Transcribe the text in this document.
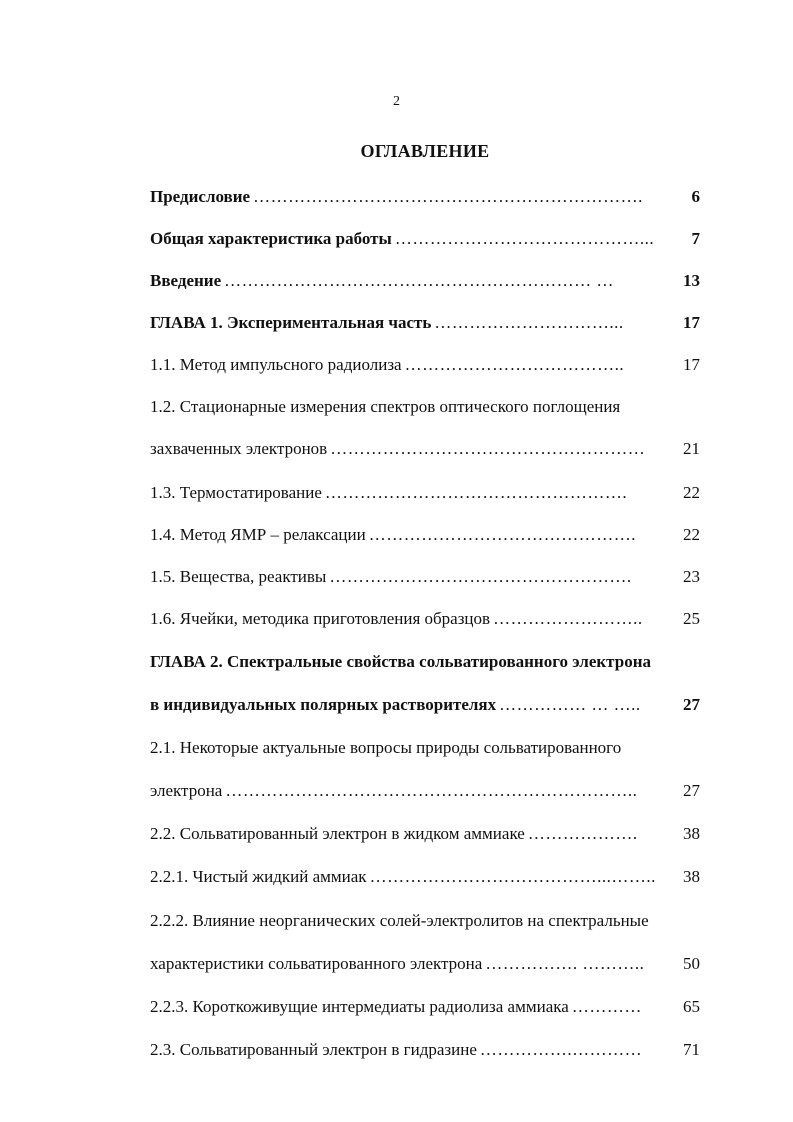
2
ОГЛАВЛЕНИЕ
Предисловие ………………………………………………………….	6
Общая характеристика работы ……………………………………...	7
Введение ……………………………………………………… …	13
ГЛАВА 1. Экспериментальная часть …………………………...	17
1.1. Метод импульсного радиолиза ………………………………..	17
1.2. Стационарные измерения спектров оптического поглощения
захваченных электронов ………………………………………………	21
1.3. Термостатирование …………………………………………….	22
1.4. Метод ЯМР – релаксации ……………………………………….	22
1.5. Вещества, реактивы …………………………………………….	23
1.6. Ячейки, методика приготовления образцов ……………………..	25
ГЛАВА 2. Спектральные свойства сольватированного электрона
в индивидуальных полярных растворителях …………… … …..	27
2.1. Некоторые актуальные вопросы природы сольватированного
электрона ……………………………………………………………..	27
2.2. Сольватированный электрон в жидком аммиаке ……………….	38
2.2.1. Чистый жидкий аммиак …………………………………...……..	38
2.2.2. Влияние неорганических солей-электролитов на спектральные
характеристики сольватированного электрона ……………. ………..	50
2.2.3. Короткоживущие интермедиаты радиолиза аммиака …………	65
2.3. Сольватированный электрон в гидразине …………….…………	71
